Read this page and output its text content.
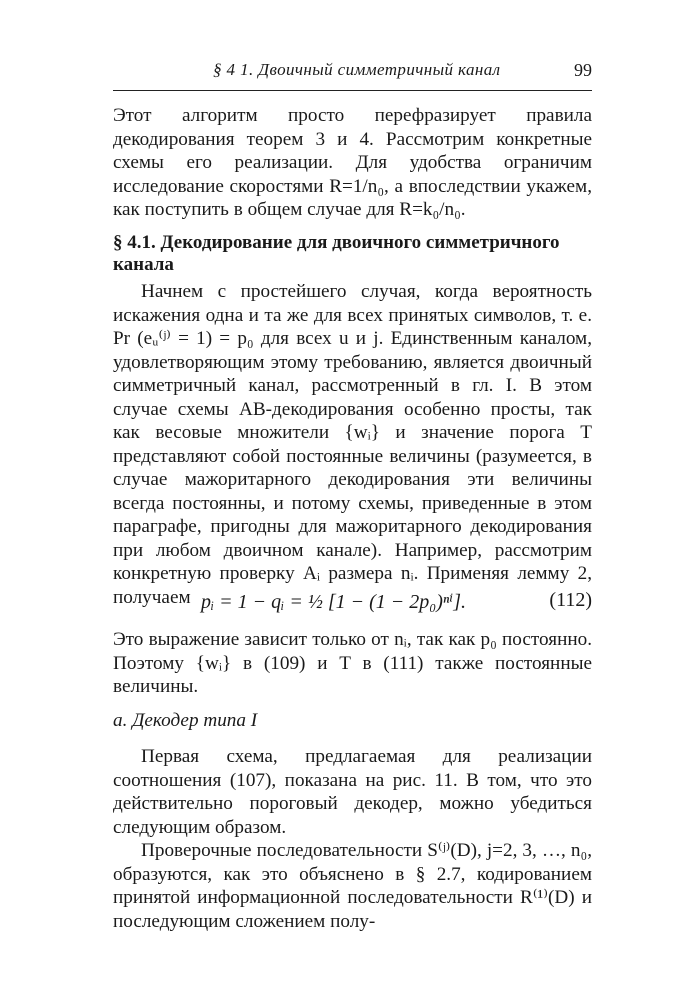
§ 4 1. Двоичный симметричный канал	99

Этот алгоритм просто перефразирует правила декодирования теорем 3 и 4. Рассмотрим конкретные схемы его реализации. Для удобства ограничим исследование скоростями R=1/n₀, а впоследствии укажем, как поступить в общем случае для R=k₀/n₀.

§ 4.1. Декодирование для двоичного симметричного канала

Начнем с простейшего случая, когда вероятность искажения одна и та же для всех принятых символов, т. е. Pr (eᵤ⁽ʲ⁾ = 1) = p₀ для всех u и j. Единственным каналом, удовлетворяющим этому требованию, является двоичный симметричный канал, рассмотренный в гл. I. В этом случае схемы АВ-декодирования особенно просты, так как весовые множители {wᵢ} и значение порога T представляют собой постоянные величины (разумеется, в случае мажоритарного декодирования эти величины всегда постоянны, и потому схемы, приведенные в этом параграфе, пригодны для мажоритарного декодирования при любом двоичном канале). Например, рассмотрим конкретную проверку Aᵢ размера nᵢ. Применяя лемму 2, получаем pᵢ = 1 − qᵢ = ½ [1 − (1 − 2p₀)ⁿⁱ].	(112)

Это выражение зависит только от nᵢ, так как p₀ постоянно. Поэтому {wᵢ} в (109) и T в (111) также постоянные величины.

а. Декодер типа I

Первая схема, предлагаемая для реализации соотношения (107), показана на рис. 11. В том, что это действительно пороговый декодер, можно убедиться следующим образом.

Проверочные последовательности S⁽ʲ⁾(D), j=2, 3, …, n₀, образуются, как это объяснено в § 2.7, кодированием принятой информационной последовательности R⁽¹⁾(D) и последующим сложением полу-
